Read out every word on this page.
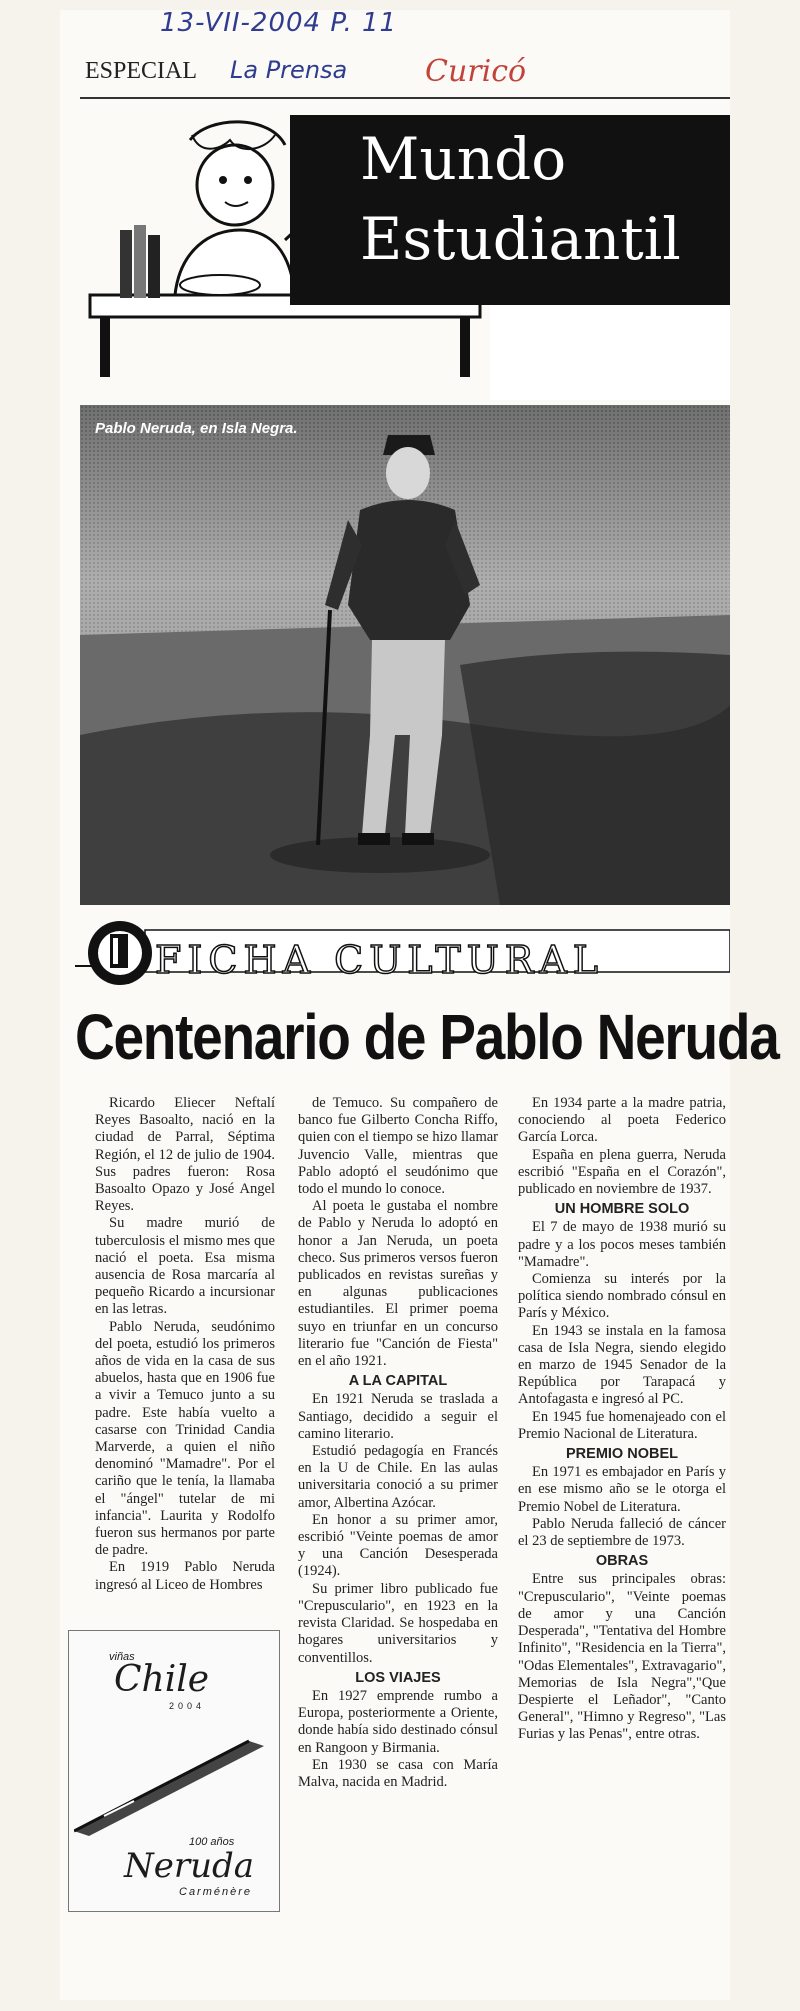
13-VII-2004 P. 11
ESPECIAL La Prensa	Curicó
Mundo
Estudiantil
Pablo Neruda, en Isla Negra.
FICHA CULTURAL
Centenario de Pablo Neruda

Ricardo Eliecer Neftalí Reyes Basoalto, nació en la ciudad de Parral, Séptima Región, el 12 de julio de 1904. Sus padres fueron: Rosa Basoalto Opazo y José Angel Reyes.

Su madre murió de tuberculosis el mismo mes que nació el poeta. Esa misma ausencia de Rosa marcaría al pequeño Ricardo a incursionar en las letras.

Pablo Neruda, seudónimo del poeta, estudió los primeros años de vida en la casa de sus abuelos, hasta que en 1906 fue a vivir a Temuco junto a su padre. Este había vuelto a casarse con Trinidad Candia Marverde, a quien el niño denominó "Mamadre". Por el cariño que le tenía, la llamaba el "ángel" tutelar de mi infancia". Laurita y Rodolfo fueron sus hermanos por parte de padre.

En 1919 Pablo Neruda ingresó al Liceo de Hombres

de Temuco. Su compañero de banco fue Gilberto Concha Riffo, quien con el tiempo se hizo llamar Juvencio Valle, mientras que Pablo adoptó el seudónimo que todo el mundo lo conoce.

Al poeta le gustaba el nombre de Pablo y Neruda lo adoptó en honor a Jan Neruda, un poeta checo. Sus primeros versos fueron publicados en revistas sureñas y en algunas publicaciones estudiantiles. El primer poema suyo en triunfar en un concurso literario fue "Canción de Fiesta" en el año 1921.

A LA CAPITAL

En 1921 Neruda se traslada a Santiago, decidido a seguir el camino literario.

Estudió pedagogía en Francés en la U de Chile. En las aulas universitaria conoció a su primer amor, Albertina Azócar.

En honor a su primer amor, escribió "Veinte poemas de amor y una Canción Desesperada (1924).

Su primer libro publicado fue "Crepusculario", en 1923 en la revista Claridad. Se hospedaba en hogares universitarios y conventillos.

LOS VIAJES

En 1927 emprende rumbo a Europa, posteriormente a Oriente, donde había sido destinado cónsul en Rangoon y Birmania.

En 1930 se casa con María Malva, nacida en Madrid.

En 1934 parte a la madre patria, conociendo al poeta Federico García Lorca.

España en plena guerra, Neruda escribió "España en el Corazón", publicado en noviembre de 1937.

UN HOMBRE SOLO

El 7 de mayo de 1938 murió su padre y a los pocos meses también "Mamadre".

Comienza su interés por la política siendo nombrado cónsul en París y México.

En 1943 se instala en la famosa casa de Isla Negra, siendo elegido en marzo de 1945 Senador de la República por Tarapacá y Antofagasta e ingresó al PC.

En 1945 fue homenajeado con el Premio Nacional de Literatura.

PREMIO NOBEL

En 1971 es embajador en París y en ese mismo año se le otorga el Premio Nobel de Literatura.

Pablo Neruda falleció de cáncer el 23 de septiembre de 1973.

OBRAS

Entre sus principales obras: "Crepusculario", "Veinte poemas de amor y una Canción Desperada", "Tentativa del Hombre Infinito", "Residencia en la Tierra", "Odas Elementales", Extravagario", Memorias de Isla Negra","Que Despierte el Leñador", "Canto General", "Himno y Regreso", "Las Furias y las Penas", entre otras.

viñas
Chile
2004
100 años
Neruda
Carménère
